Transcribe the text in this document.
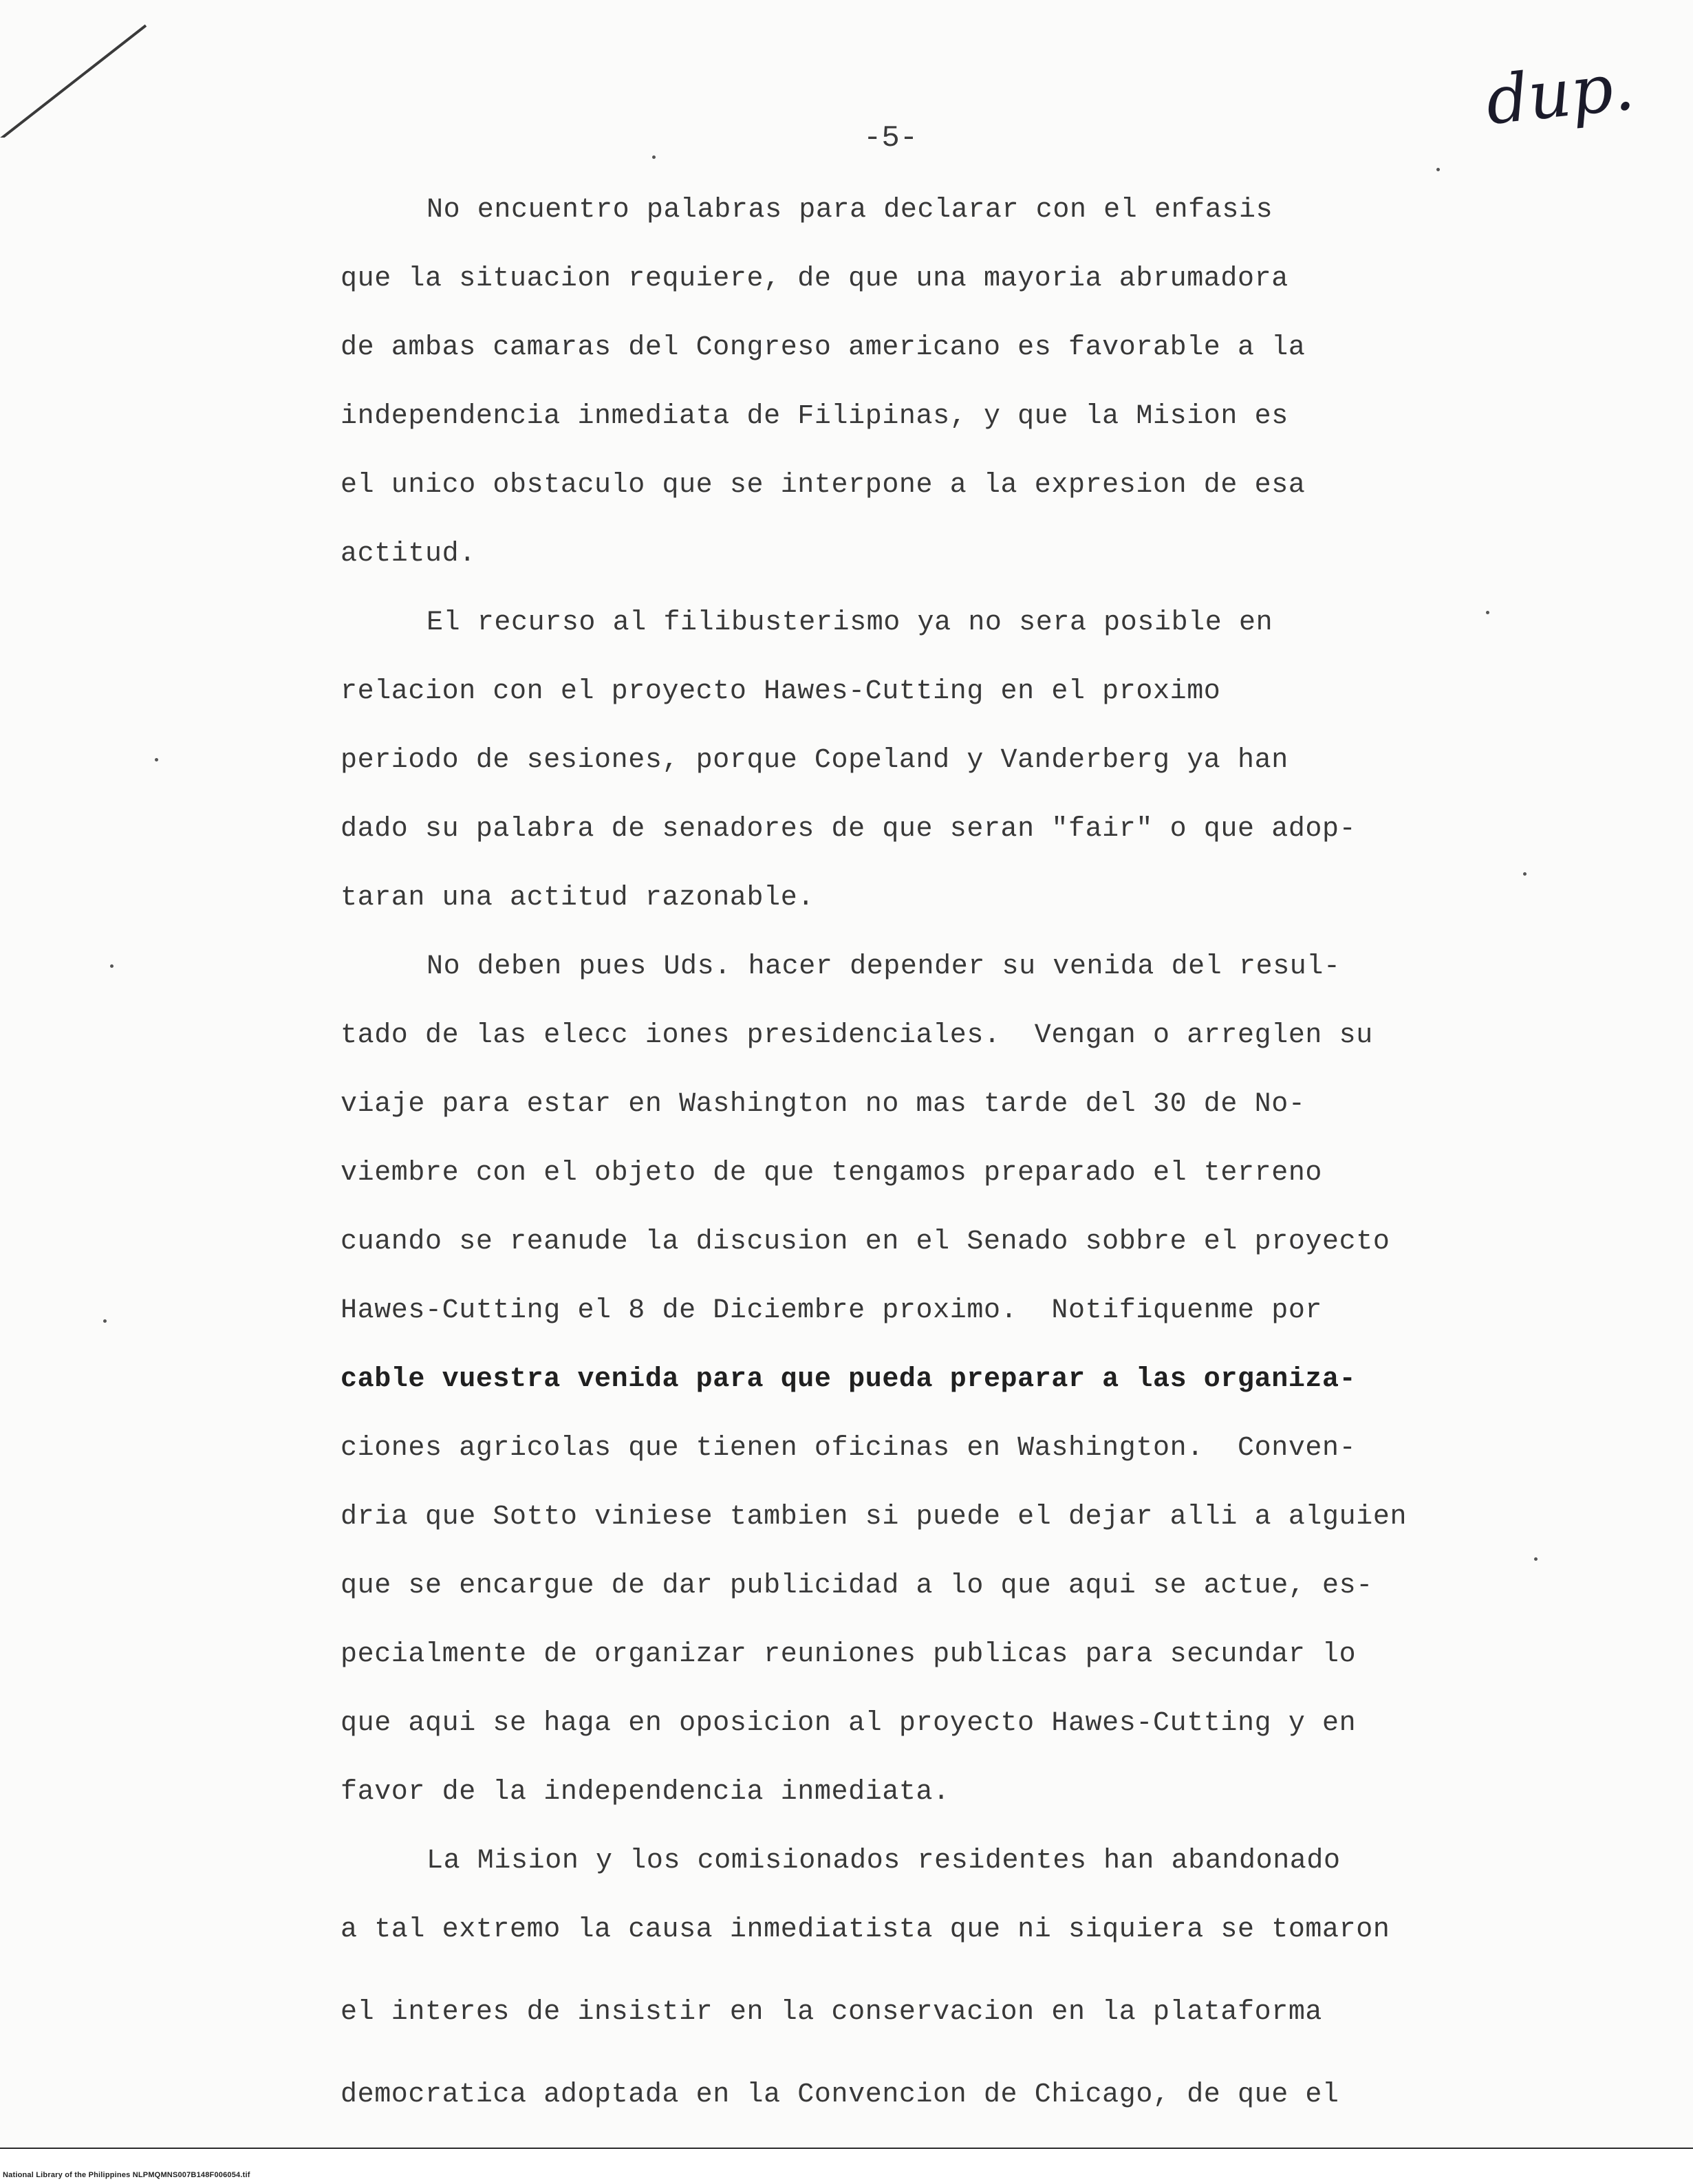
dup.
-5-
No encuentro palabras para declarar con el enfasis
que la situacion requiere, de que una mayoria abrumadora
de ambas camaras del Congreso americano es favorable a la
independencia inmediata de Filipinas, y que la Mision es
el unico obstaculo que se interpone a la expresion de esa
actitud.
El recurso al filibusterismo ya no sera posible en
relacion con el proyecto Hawes-Cutting en el proximo
periodo de sesiones, porque Copeland y Vanderberg ya han
dado su palabra de senadores de que seran "fair" o que adop-
taran una actitud razonable.
No deben pues Uds. hacer depender su venida del resul-
tado de las elecc iones presidenciales.  Vengan o arreglen su
viaje para estar en Washington no mas tarde del 30 de No-
viembre con el objeto de que tengamos preparado el terreno
cuando se reanude la discusion en el Senado sobbre el proyecto
Hawes-Cutting el 8 de Diciembre proximo.  Notifiquenme por
cable vuestra venida para que pueda preparar a las organiza-
ciones agricolas que tienen oficinas en Washington.  Conven-
dria que Sotto viniese tambien si puede el dejar alli a alguien
que se encargue de dar publicidad a lo que aqui se actue, es-
pecialmente de organizar reuniones publicas para secundar lo
que aqui se haga en oposicion al proyecto Hawes-Cutting y en
favor de la independencia inmediata.
La Mision y los comisionados residentes han abandonado
a tal extremo la causa inmediatista que ni siquiera se tomaron
el interes de insistir en la conservacion en la plataforma
democratica adoptada en la Convencion de Chicago, de que el
National Library of the Philippines NLPMQMNS007B148F006054.tif
